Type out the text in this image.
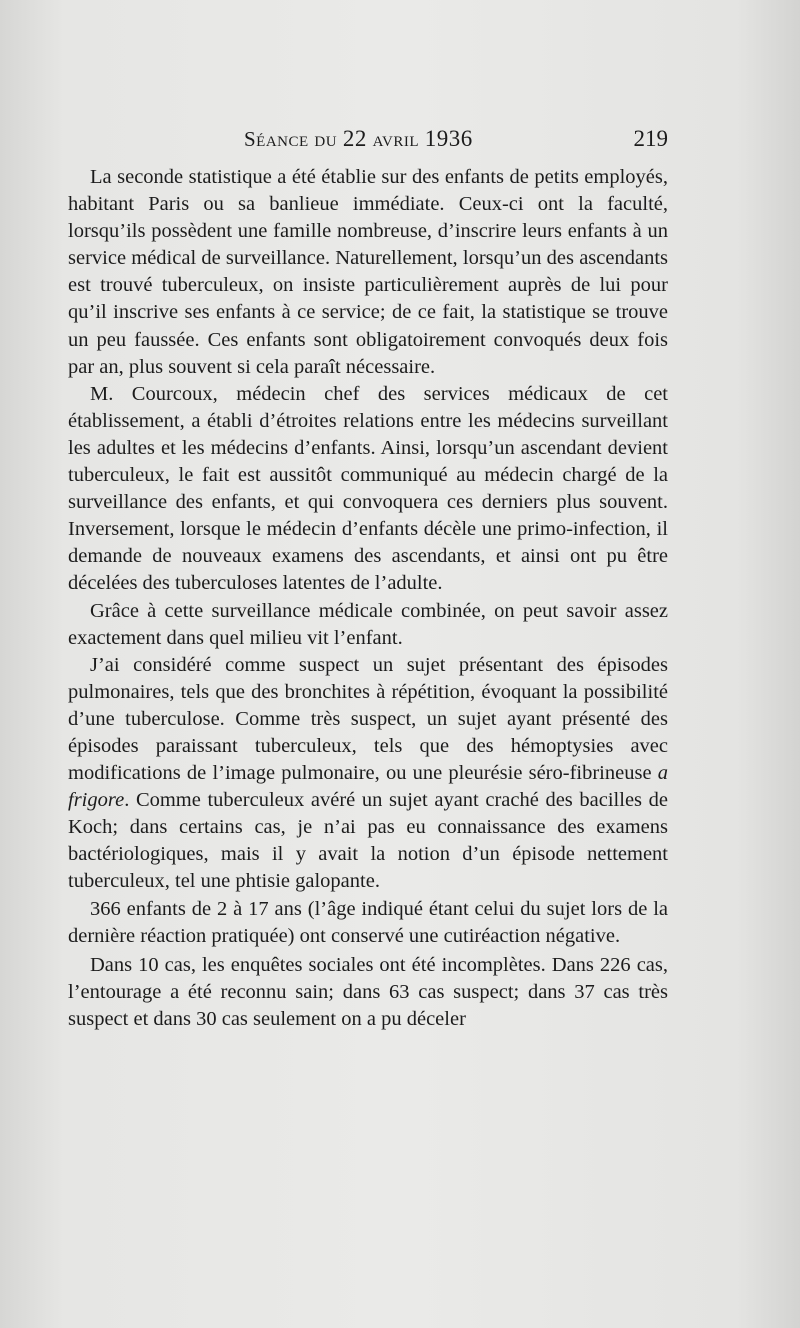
Séance du 22 avril 1936	219

La seconde statistique a été établie sur des enfants de petits employés, habitant Paris ou sa banlieue immédiate. Ceux-ci ont la faculté, lorsqu’ils possèdent une famille nombreuse, d’inscrire leurs enfants à un service médical de surveillance. Naturellement, lorsqu’un des ascendants est trouvé tuberculeux, on insiste particulièrement auprès de lui pour qu’il inscrive ses enfants à ce service; de ce fait, la statistique se trouve un peu faussée. Ces enfants sont obligatoirement convoqués deux fois par an, plus souvent si cela paraît nécessaire.

M. Courcoux, médecin chef des services médicaux de cet établissement, a établi d’étroites relations entre les médecins surveillant les adultes et les médecins d’enfants. Ainsi, lorsqu’un ascendant devient tuberculeux, le fait est aussitôt communiqué au médecin chargé de la surveillance des enfants, et qui convoquera ces derniers plus souvent. Inversement, lorsque le médecin d’enfants décèle une primo-infection, il demande de nouveaux examens des ascendants, et ainsi ont pu être décelées des tuberculoses latentes de l’adulte.

Grâce à cette surveillance médicale combinée, on peut savoir assez exactement dans quel milieu vit l’enfant.

J’ai considéré comme suspect un sujet présentant des épisodes pulmonaires, tels que des bronchites à répétition, évoquant la possibilité d’une tuberculose. Comme très suspect, un sujet ayant présenté des épisodes paraissant tuberculeux, tels que des hémoptysies avec modifications de l’image pulmonaire, ou une pleurésie séro-fibrineuse a frigore. Comme tuberculeux avéré un sujet ayant craché des bacilles de Koch; dans certains cas, je n’ai pas eu connaissance des examens bactériologiques, mais il y avait la notion d’un épisode nettement tuberculeux, tel une phtisie galopante.

366 enfants de 2 à 17 ans (l’âge indiqué étant celui du sujet lors de la dernière réaction pratiquée) ont conservé une cutiréaction négative.

Dans 10 cas, les enquêtes sociales ont été incomplètes. Dans 226 cas, l’entourage a été reconnu sain; dans 63 cas suspect; dans 37 cas très suspect et dans 30 cas seulement on a pu déceler
